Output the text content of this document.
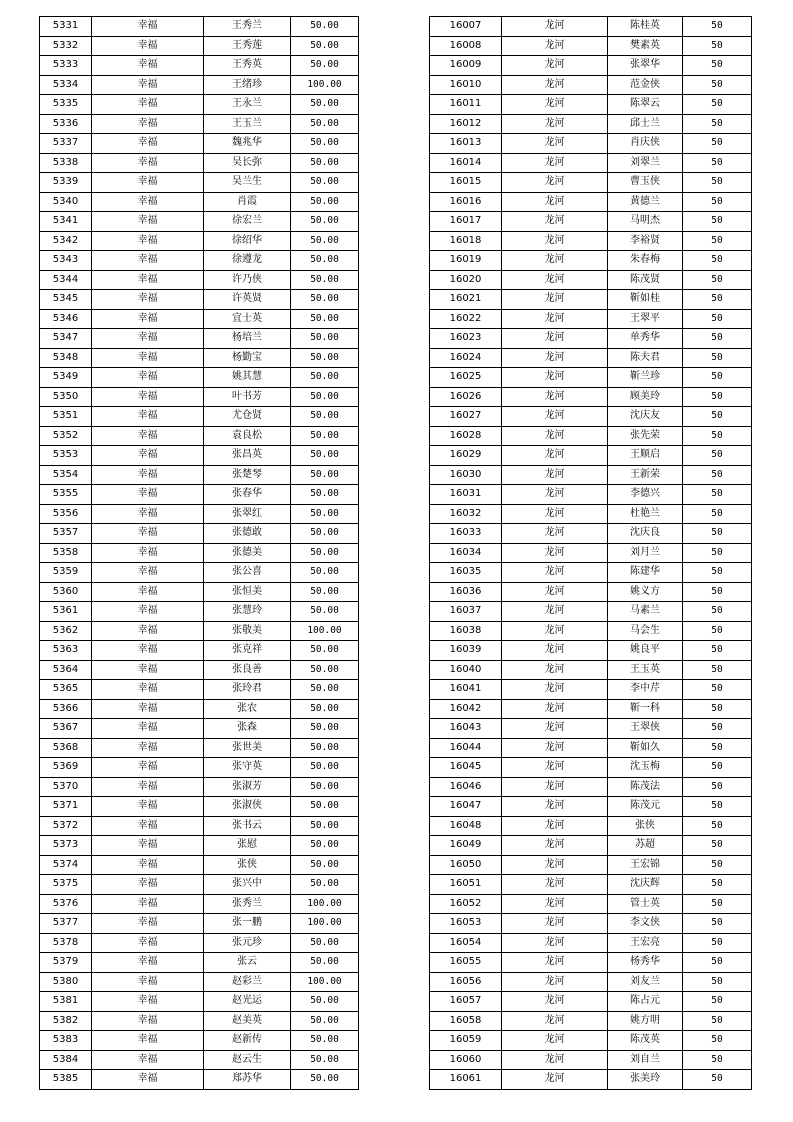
5331	幸福	王秀兰	50.00
5332	幸福	王秀莲	50.00
5333	幸福	王秀英	50.00
5334	幸福	王绪珍	100.00
5335	幸福	王永兰	50.00
5336	幸福	王玉兰	50.00
5337	幸福	魏兆华	50.00
5338	幸福	吴长弥	50.00
5339	幸福	吴兰生	50.00
5340	幸福	肖霞	50.00
5341	幸福	徐宏兰	50.00
5342	幸福	徐绍华	50.00
5343	幸福	徐遵龙	50.00
5344	幸福	许乃侠	50.00
5345	幸福	许英贤	50.00
5346	幸福	宜士英	50.00
5347	幸福	杨培兰	50.00
5348	幸福	杨勤宝	50.00
5349	幸福	姚其慧	50.00
5350	幸福	叶书芳	50.00
5351	幸福	尤仓贤	50.00
5352	幸福	袁良松	50.00
5353	幸福	张昌英	50.00
5354	幸福	张楚琴	50.00
5355	幸福	张春华	50.00
5356	幸福	张翠红	50.00
5357	幸福	张德敢	50.00
5358	幸福	张德美	50.00
5359	幸福	张公喜	50.00
5360	幸福	张恒美	50.00
5361	幸福	张慧玲	50.00
5362	幸福	张敬美	100.00
5363	幸福	张克祥	50.00
5364	幸福	张良善	50.00
5365	幸福	张玲君	50.00
5366	幸福	张农	50.00
5367	幸福	张森	50.00
5368	幸福	张世美	50.00
5369	幸福	张守英	50.00
5370	幸福	张淑芳	50.00
5371	幸福	张淑侠	50.00
5372	幸福	张书云	50.00
5373	幸福	张慰	50.00
5374	幸福	张侠	50.00
5375	幸福	张兴中	50.00
5376	幸福	张秀兰	100.00
5377	幸福	张一鹏	100.00
5378	幸福	张元珍	50.00
5379	幸福	张云	50.00
5380	幸福	赵彩兰	100.00
5381	幸福	赵光运	50.00
5382	幸福	赵美英	50.00
5383	幸福	赵新传	50.00
5384	幸福	赵云生	50.00
5385	幸福	郑苏华	50.00
16007	龙河	陈桂英	50
16008	龙河	樊素英	50
16009	龙河	张翠华	50
16010	龙河	范金侠	50
16011	龙河	陈翠云	50
16012	龙河	邱士兰	50
16013	龙河	肖庆侠	50
16014	龙河	刘翠兰	50
16015	龙河	曹玉侠	50
16016	龙河	黄德兰	50
16017	龙河	马明杰	50
16018	龙河	李裕贤	50
16019	龙河	朱春梅	50
16020	龙河	陈茂贤	50
16021	龙河	靳如桂	50
16022	龙河	王翠平	50
16023	龙河	单秀华	50
16024	龙河	陈夫君	50
16025	龙河	靳兰珍	50
16026	龙河	顾美玲	50
16027	龙河	沈庆友	50
16028	龙河	张先荣	50
16029	龙河	王顺启	50
16030	龙河	王新荣	50
16031	龙河	李德兴	50
16032	龙河	杜艳兰	50
16033	龙河	沈庆良	50
16034	龙河	刘月兰	50
16035	龙河	陈建华	50
16036	龙河	姚义方	50
16037	龙河	马素兰	50
16038	龙河	马会生	50
16039	龙河	姚良平	50
16040	龙河	王玉英	50
16041	龙河	李中芹	50
16042	龙河	靳一科	50
16043	龙河	王翠侠	50
16044	龙河	靳如久	50
16045	龙河	沈玉梅	50
16046	龙河	陈茂法	50
16047	龙河	陈茂元	50
16048	龙河	张侠	50
16049	龙河	苏超	50
16050	龙河	王宏锦	50
16051	龙河	沈庆辉	50
16052	龙河	管士英	50
16053	龙河	李文侠	50
16054	龙河	王宏亮	50
16055	龙河	杨秀华	50
16056	龙河	刘友兰	50
16057	龙河	陈占元	50
16058	龙河	姚方明	50
16059	龙河	陈茂英	50
16060	龙河	刘自兰	50
16061	龙河	张美玲	50
